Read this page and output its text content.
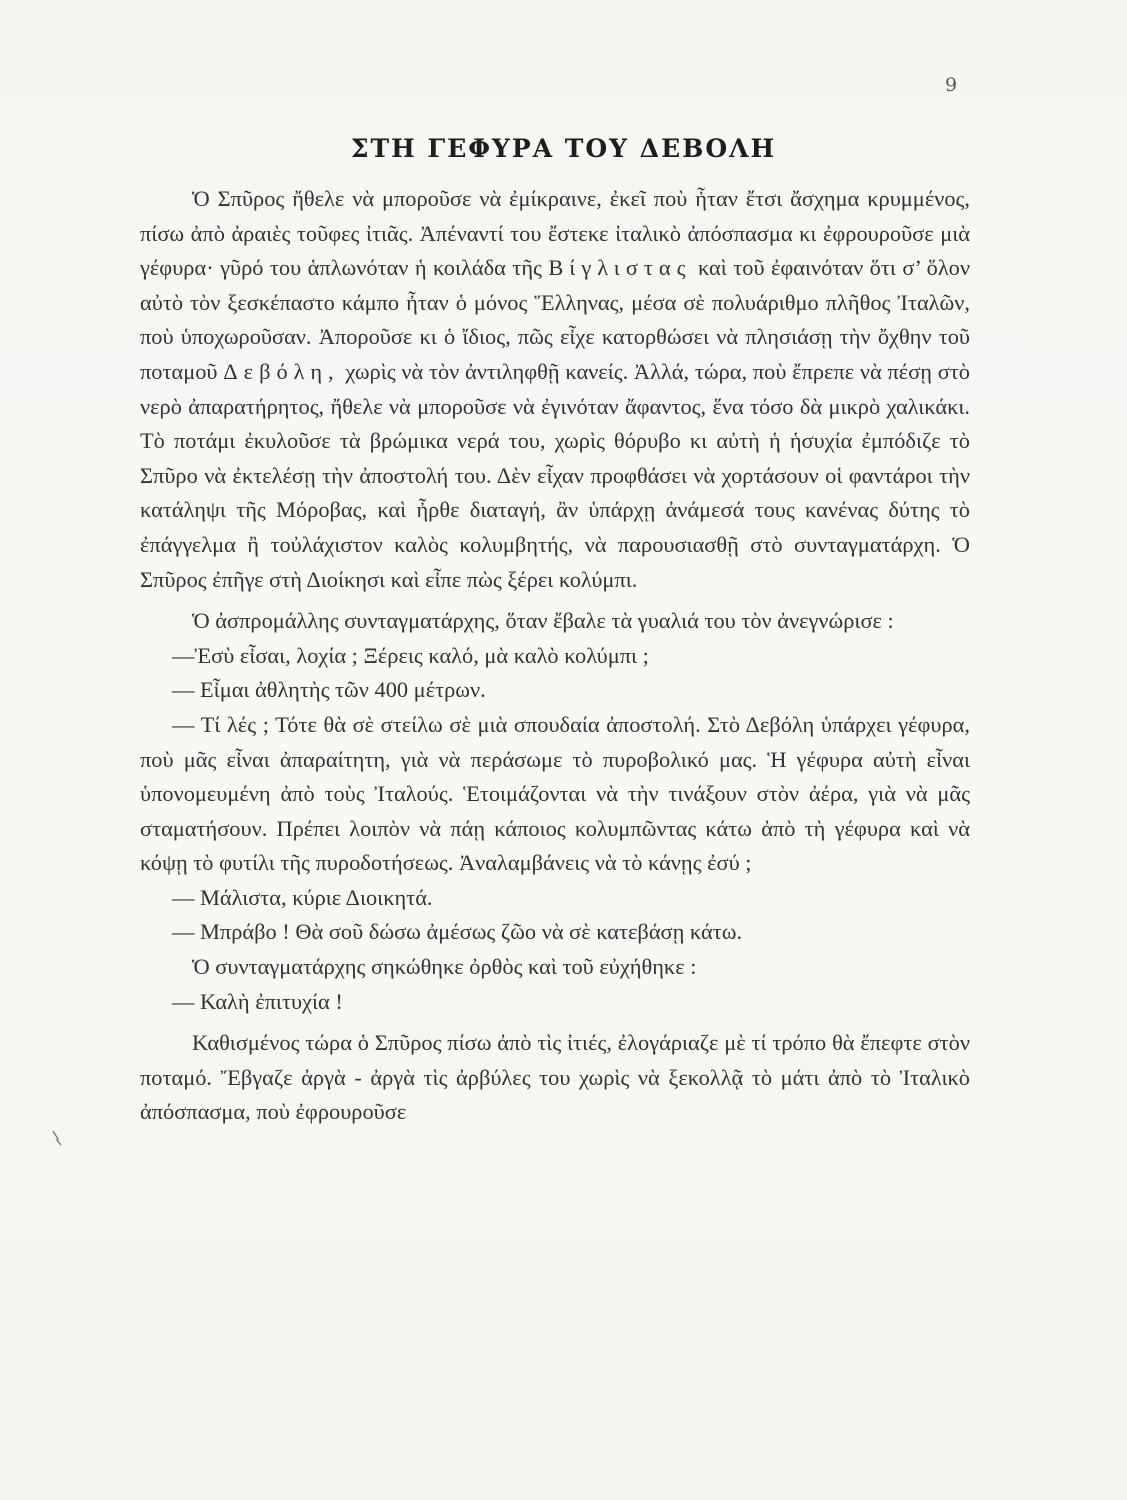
9
ΣΤΗ ΓΕΦΥΡΑ ΤΟΥ ΔΕΒΟΛΗ

Ὁ Σπῦρος ἤθελε νὰ μποροῦσε νὰ ἐμίκραινε, ἐκεῖ ποὺ ἦταν ἔτσι ἄσχημα κρυμμένος, πίσω ἀπὸ ἀραιὲς τοῦφες ἰτιᾶς. Ἀπέναντί του ἔστεκε ἰταλικὸ ἀπόσπασμα κι ἐφρουροῦσε μιὰ γέφυρα· γῦρό του ἁπλωνόταν ἡ κοιλάδα τῆς Βίγλιστας καὶ τοῦ ἐφαινόταν ὅτι σ’ ὅλον αὐτὸ τὸν ξεσκέπαστο κάμπο ἦταν ὁ μόνος Ἕλληνας, μέσα σὲ πολυάριθμο πλῆθος Ἰταλῶν, ποὺ ὑποχωροῦσαν. Ἀποροῦσε κι ὁ ἴδιος, πῶς εἶχε κατορθώσει νὰ πλησιάσῃ τὴν ὄχθην τοῦ ποταμοῦ Δεβόλη, χωρὶς νὰ τὸν ἀντιληφθῇ κανείς. Ἀλλά, τώρα, ποὺ ἔπρεπε νὰ πέσῃ στὸ νερὸ ἀπαρατήρητος, ἤθελε νὰ μποροῦσε νὰ ἐγινόταν ἄφαντος, ἕνα τόσο δὰ μικρὸ χαλικάκι. Τὸ ποτάμι ἐκυλοῦσε τὰ βρώμικα νερά του, χωρὶς θόρυβο κι αὐτὴ ἡ ἡσυχία ἐμπόδιζε τὸ Σπῦρο νὰ ἐκτελέσῃ τὴν ἀποστολή του. Δὲν εἶχαν προφθάσει νὰ χορτάσουν οἱ φαντάροι τὴν κατάληψι τῆς Μόροβας, καὶ ἦρθε διαταγή, ἂν ὑπάρχῃ ἀνάμεσά τους κανένας δύτης τὸ ἐπάγγελμα ἢ τοὐλάχιστον καλὸς κολυμβητής, νὰ παρουσιασθῇ στὸ συνταγματάρχη. Ὁ Σπῦρος ἐπῆγε στὴ Διοίκησι καὶ εἶπε πὼς ξέρει κολύμπι.

Ὁ ἀσπρομάλλης συνταγματάρχης, ὅταν ἔβαλε τὰ γυαλιά του τὸν ἀνεγνώρισε :

—Ἐσὺ εἶσαι, λοχία ; Ξέρεις καλό, μὰ καλὸ κολύμπι ;

— Εἶμαι ἀθλητὴς τῶν 400 μέτρων.

— Τί λές ; Τότε θὰ σὲ στείλω σὲ μιὰ σπουδαία ἀποστολή. Στὸ Δεβόλη ὑπάρχει γέφυρα, ποὺ μᾶς εἶναι ἀπαραίτητη, γιὰ νὰ περάσωμε τὸ πυροβολικό μας. Ἡ γέφυρα αὐτὴ εἶναι ὑπονομευμένη ἀπὸ τοὺς Ἰταλούς. Ἑτοιμάζονται νὰ τὴν τινάξουν στὸν ἀέρα, γιὰ νὰ μᾶς σταματήσουν. Πρέπει λοιπὸν νὰ πάῃ κάποιος κολυμπῶντας κάτω ἀπὸ τὴ γέφυρα καὶ νὰ κόψῃ τὸ φυτίλι τῆς πυροδοτήσεως. Ἀναλαμβάνεις νὰ τὸ κάνῃς ἐσύ ;

— Μάλιστα, κύριε Διοικητά.

— Μπράβο ! Θὰ σοῦ δώσω ἀμέσως ζῶο νὰ σὲ κατεβάσῃ κάτω.

Ὁ συνταγματάρχης σηκώθηκε ὀρθὸς καὶ τοῦ εὐχήθηκε :

— Καλὴ ἐπιτυχία !

Καθισμένος τώρα ὁ Σπῦρος πίσω ἀπὸ τὶς ἰτιές, ἐλογάριαζε μὲ τί τρόπο θὰ ἔπεφτε στὸν ποταμό. Ἔβγαζε ἀργὰ - ἀργὰ τὶς ἀρβύλες του χωρὶς νὰ ξεκολλᾷ τὸ μάτι ἀπὸ τὸ Ἰταλικὸ ἀπόσπασμα, ποὺ ἐφρουροῦσε
